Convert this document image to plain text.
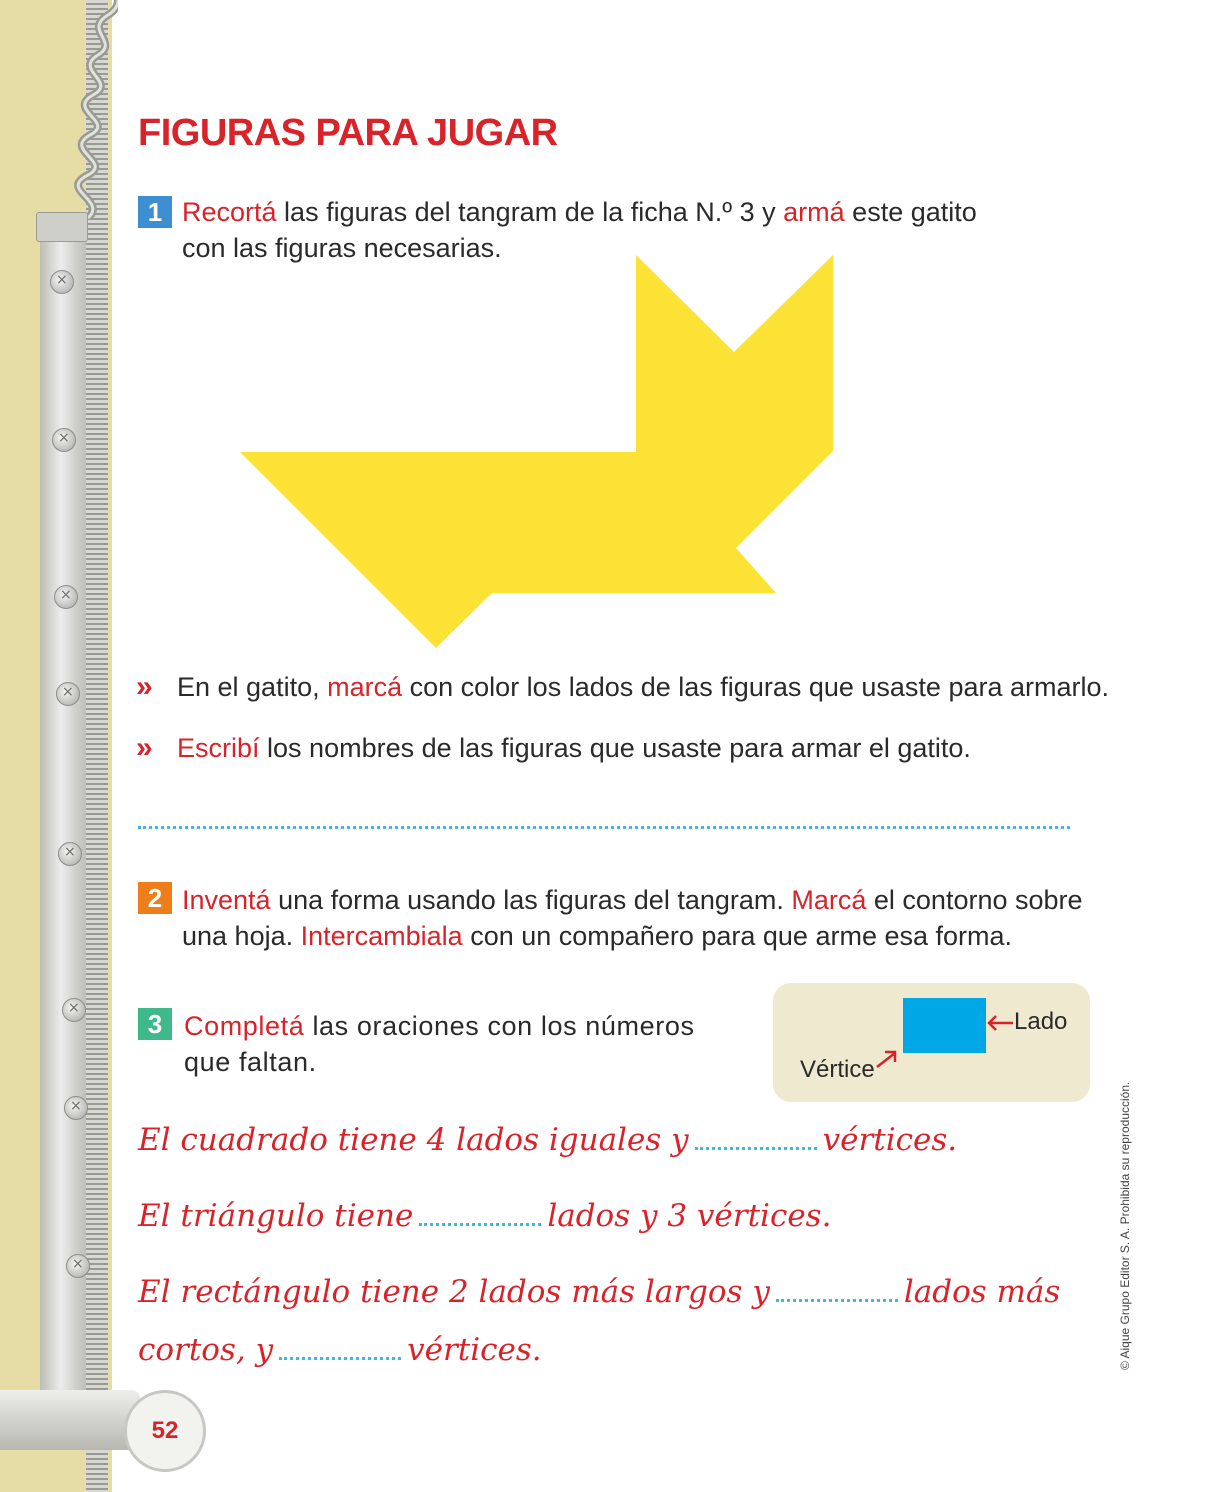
×
×
×
×
×
×
×
×
52
FIGURAS PARA JUGAR
1 Recortá las figuras del tangram de la ficha N.º 3 y armá este gatito
con las figuras necesarias.
» En el gatito, marcá con color los lados de las figuras que usaste para armarlo.
» Escribí los nombres de las figuras que usaste para armar el gatito.
2 Inventá una forma usando las figuras del tangram. Marcá el contorno sobre
una hoja. Intercambiala con un compañero para que arme esa forma.
3 Completá las oraciones con los números
que faltan.
Lado
Vértice
El cuadrado tiene 4 lados iguales y	vértices.
El triángulo tiene	lados y 3 vértices.
El rectángulo tiene 2 lados más largos y	lados más
cortos, y	vértices.	© Aique Grupo Editor S. A. Prohibida su reproducción.
